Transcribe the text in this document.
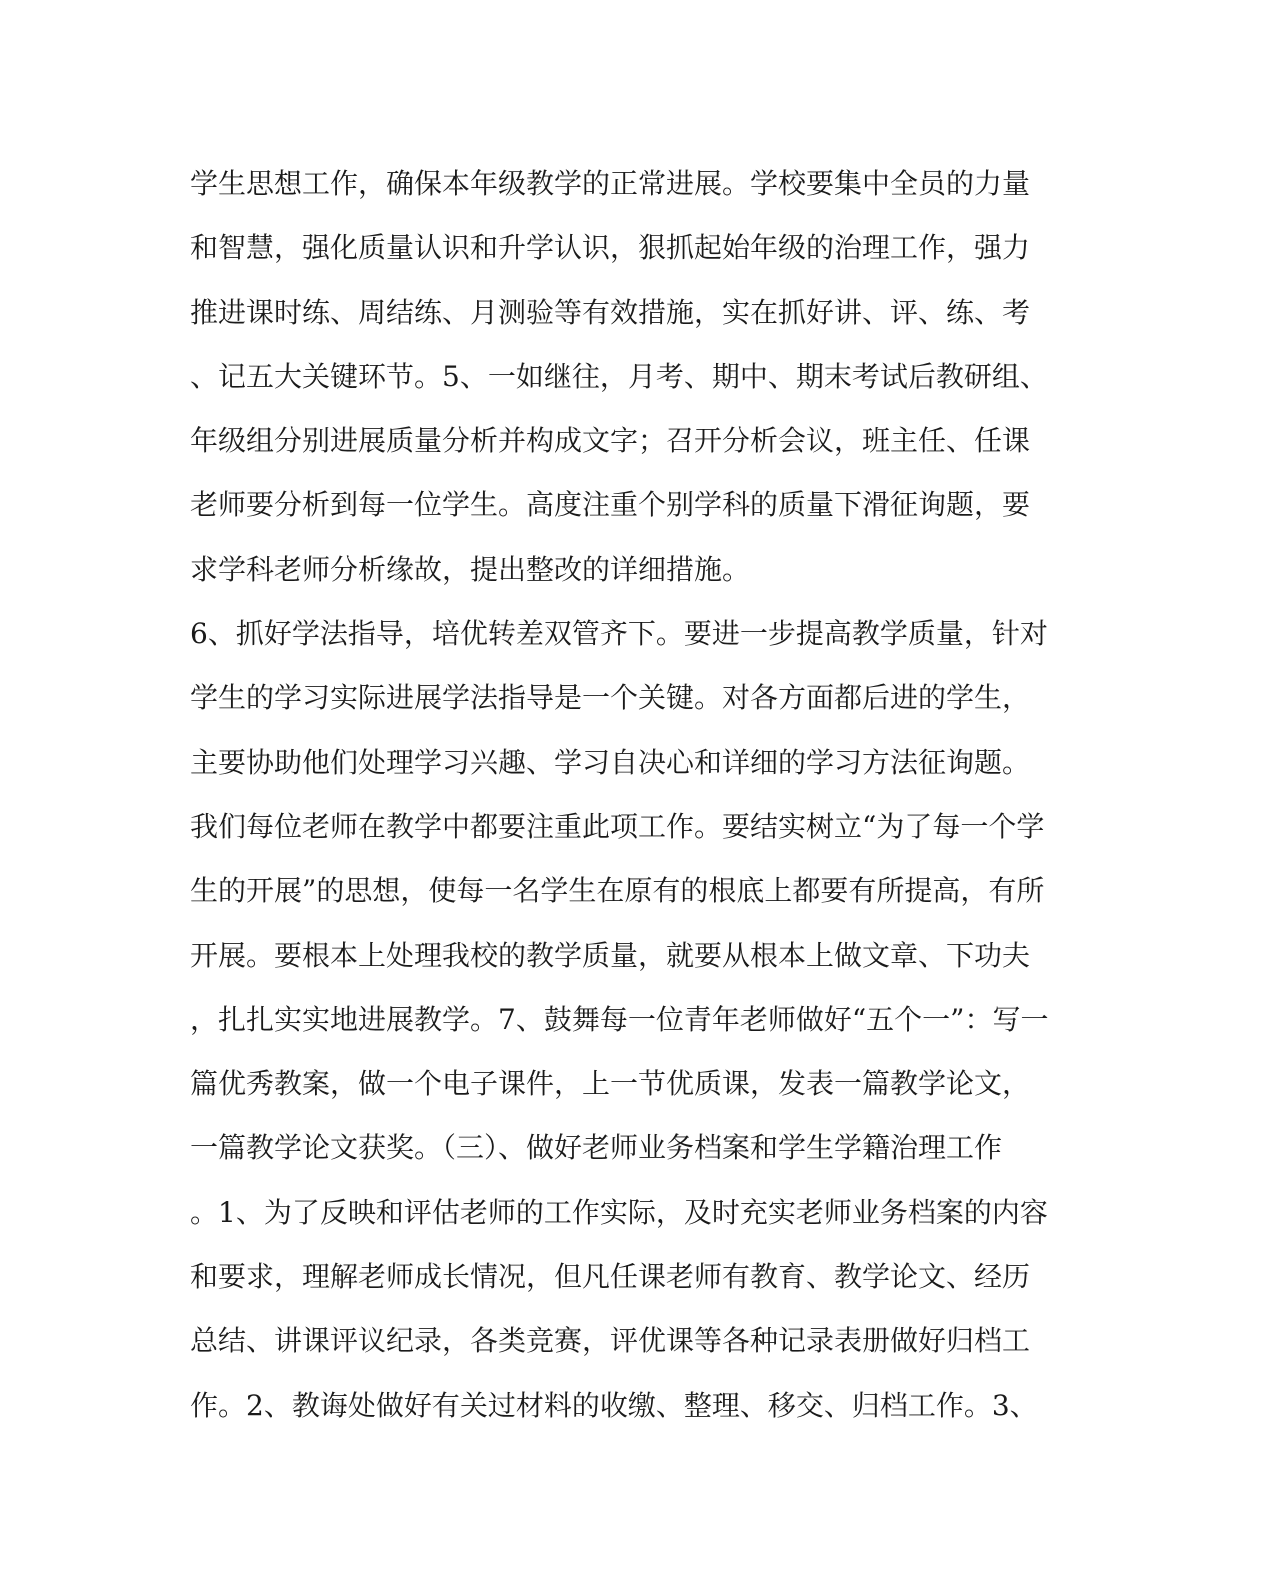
学生思想工作，确保本年级教学的正常进展。学校要集中全员的力量
和智慧，强化质量认识和升学认识，狠抓起始年级的治理工作，强力
推进课时练、周结练、月测验等有效措施，实在抓好讲、评、练、考
、记五大关键环节。5、一如继往，月考、期中、期末考试后教研组、
年级组分别进展质量分析并构成文字；召开分析会议，班主任、任课
老师要分析到每一位学生。高度注重个别学科的质量下滑征询题，要
求学科老师分析缘故，提出整改的详细措施。
6、抓好学法指导，培优转差双管齐下。要进一步提高教学质量，针对
学生的学习实际进展学法指导是一个关键。对各方面都后进的学生，
主要协助他们处理学习兴趣、学习自决心和详细的学习方法征询题。
我们每位老师在教学中都要注重此项工作。要结实树立“为了每一个学
生的开展”的思想，使每一名学生在原有的根底上都要有所提高，有所
开展。要根本上处理我校的教学质量，就要从根本上做文章、下功夫
，扎扎实实地进展教学。7、鼓舞每一位青年老师做好“五个一”：写一
篇优秀教案，做一个电子课件，上一节优质课，发表一篇教学论文，
一篇教学论文获奖。（三）、做好老师业务档案和学生学籍治理工作
。1、为了反映和评估老师的工作实际，及时充实老师业务档案的内容
和要求，理解老师成长情况，但凡任课老师有教育、教学论文、经历
总结、讲课评议纪录，各类竞赛，评优课等各种记录表册做好归档工
作。2、教诲处做好有关过材料的收缴、整理、移交、归档工作。3、
